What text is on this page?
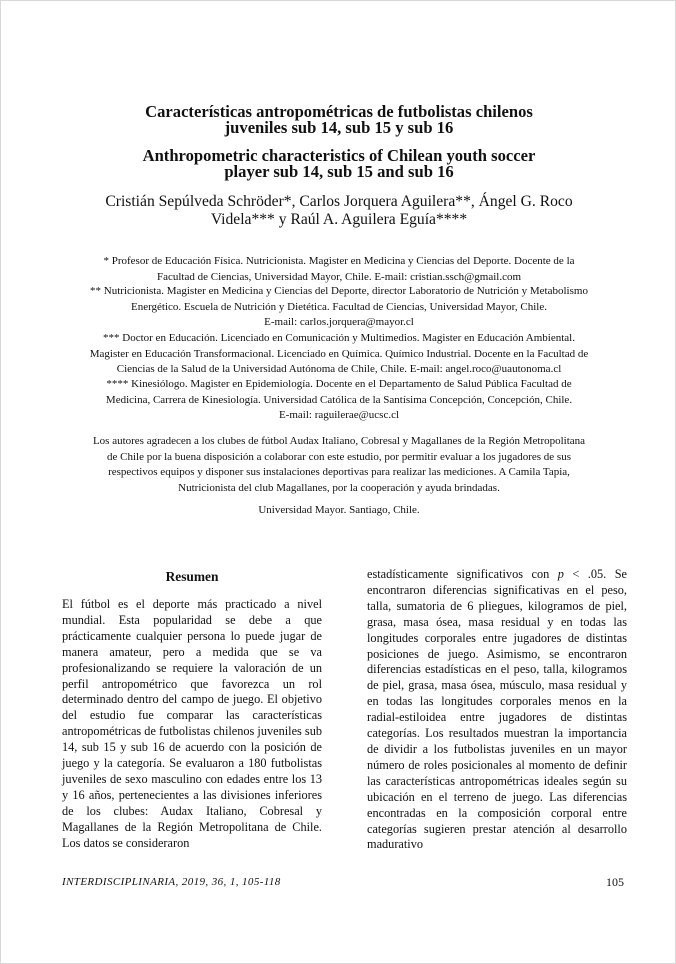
Características antropométricas de futbolistas chilenos
juveniles sub 14, sub 15 y sub 16
Anthropometric characteristics of Chilean youth soccer
player sub 14, sub 15 and sub 16
Cristián Sepúlveda Schröder*, Carlos Jorquera Aguilera**, Ángel G. Roco
Videla*** y Raúl A. Aguilera Eguía****
* Profesor de Educación Física. Nutricionista. Magister en Medicina y Ciencias del Deporte. Docente de la
Facultad de Ciencias, Universidad Mayor, Chile. E-mail: cristian.ssch@gmail.com
** Nutricionista. Magister en Medicina y Ciencias del Deporte, director Laboratorio de Nutrición y Metabolismo
Energético. Escuela de Nutrición y Dietética. Facultad de Ciencias, Universidad Mayor, Chile.
E-mail: carlos.jorquera@mayor.cl
*** Doctor en Educación. Licenciado en Comunicación y Multimedios. Magister en Educación Ambiental.
Magister en Educación Transformacional. Licenciado en Química. Químico Industrial. Docente en la Facultad de
Ciencias de la Salud de la Universidad Autónoma de Chile, Chile. E-mail: angel.roco@uautonoma.cl
**** Kinesiólogo. Magister en Epidemiología. Docente en el Departamento de Salud Pública Facultad de
Medicina, Carrera de Kinesiología. Universidad Católica de la Santísima Concepción, Concepción, Chile.
E-mail: raguilerae@ucsc.cl
Los autores agradecen a los clubes de fútbol Audax Italiano, Cobresal y Magallanes de la Región Metropolitana
de Chile por la buena disposición a colaborar con este estudio, por permitir evaluar a los jugadores de sus
respectivos equipos y disponer sus instalaciones deportivas para realizar las mediciones. A Camila Tapia,
Nutricionista del club Magallanes, por la cooperación y ayuda brindadas.
Universidad Mayor. Santiago, Chile.

Resumen

El fútbol es el deporte más practicado a nivel mundial. Esta popularidad se debe a que prácticamente cualquier persona lo puede jugar de manera amateur, pero a medida que se va profesionalizando se requiere la valoración de un perfil antropométrico que favorezca un rol determinado dentro del campo de juego. El objetivo del estudio fue comparar las características antropométricas de futbolistas chilenos juveniles sub 14, sub 15 y sub 16 de acuerdo con la posición de juego y la categoría. Se evaluaron a 180 futbolistas juveniles de sexo masculino con edades entre los 13 y 16 años, pertenecientes a las divisiones inferiores de los clubes: Audax Italiano, Cobresal y Magallanes de la Región Metropolitana de Chile. Los datos se consideraron

estadísticamente significativos con p < .05. Se encontraron diferencias significativas en el peso, talla, sumatoria de 6 pliegues, kilogramos de piel, grasa, masa ósea, masa residual y en todas las longitudes corporales entre jugadores de distintas posiciones de juego. Asimismo, se encontraron diferencias estadísticas en el peso, talla, kilogramos de piel, grasa, masa ósea, músculo, masa residual y en todas las longitudes corporales menos en la radial-estiloidea entre jugadores de distintas categorías. Los resultados muestran la importancia de dividir a los futbolistas juveniles en un mayor número de roles posicionales al momento de definir las características antropométricas ideales según su ubicación en el terreno de juego. Las diferencias encontradas en la composición corporal entre categorías sugieren prestar atención al desarrollo madurativo

INTERDISCIPLINARIA, 2019, 36, 1, 105-118	105
